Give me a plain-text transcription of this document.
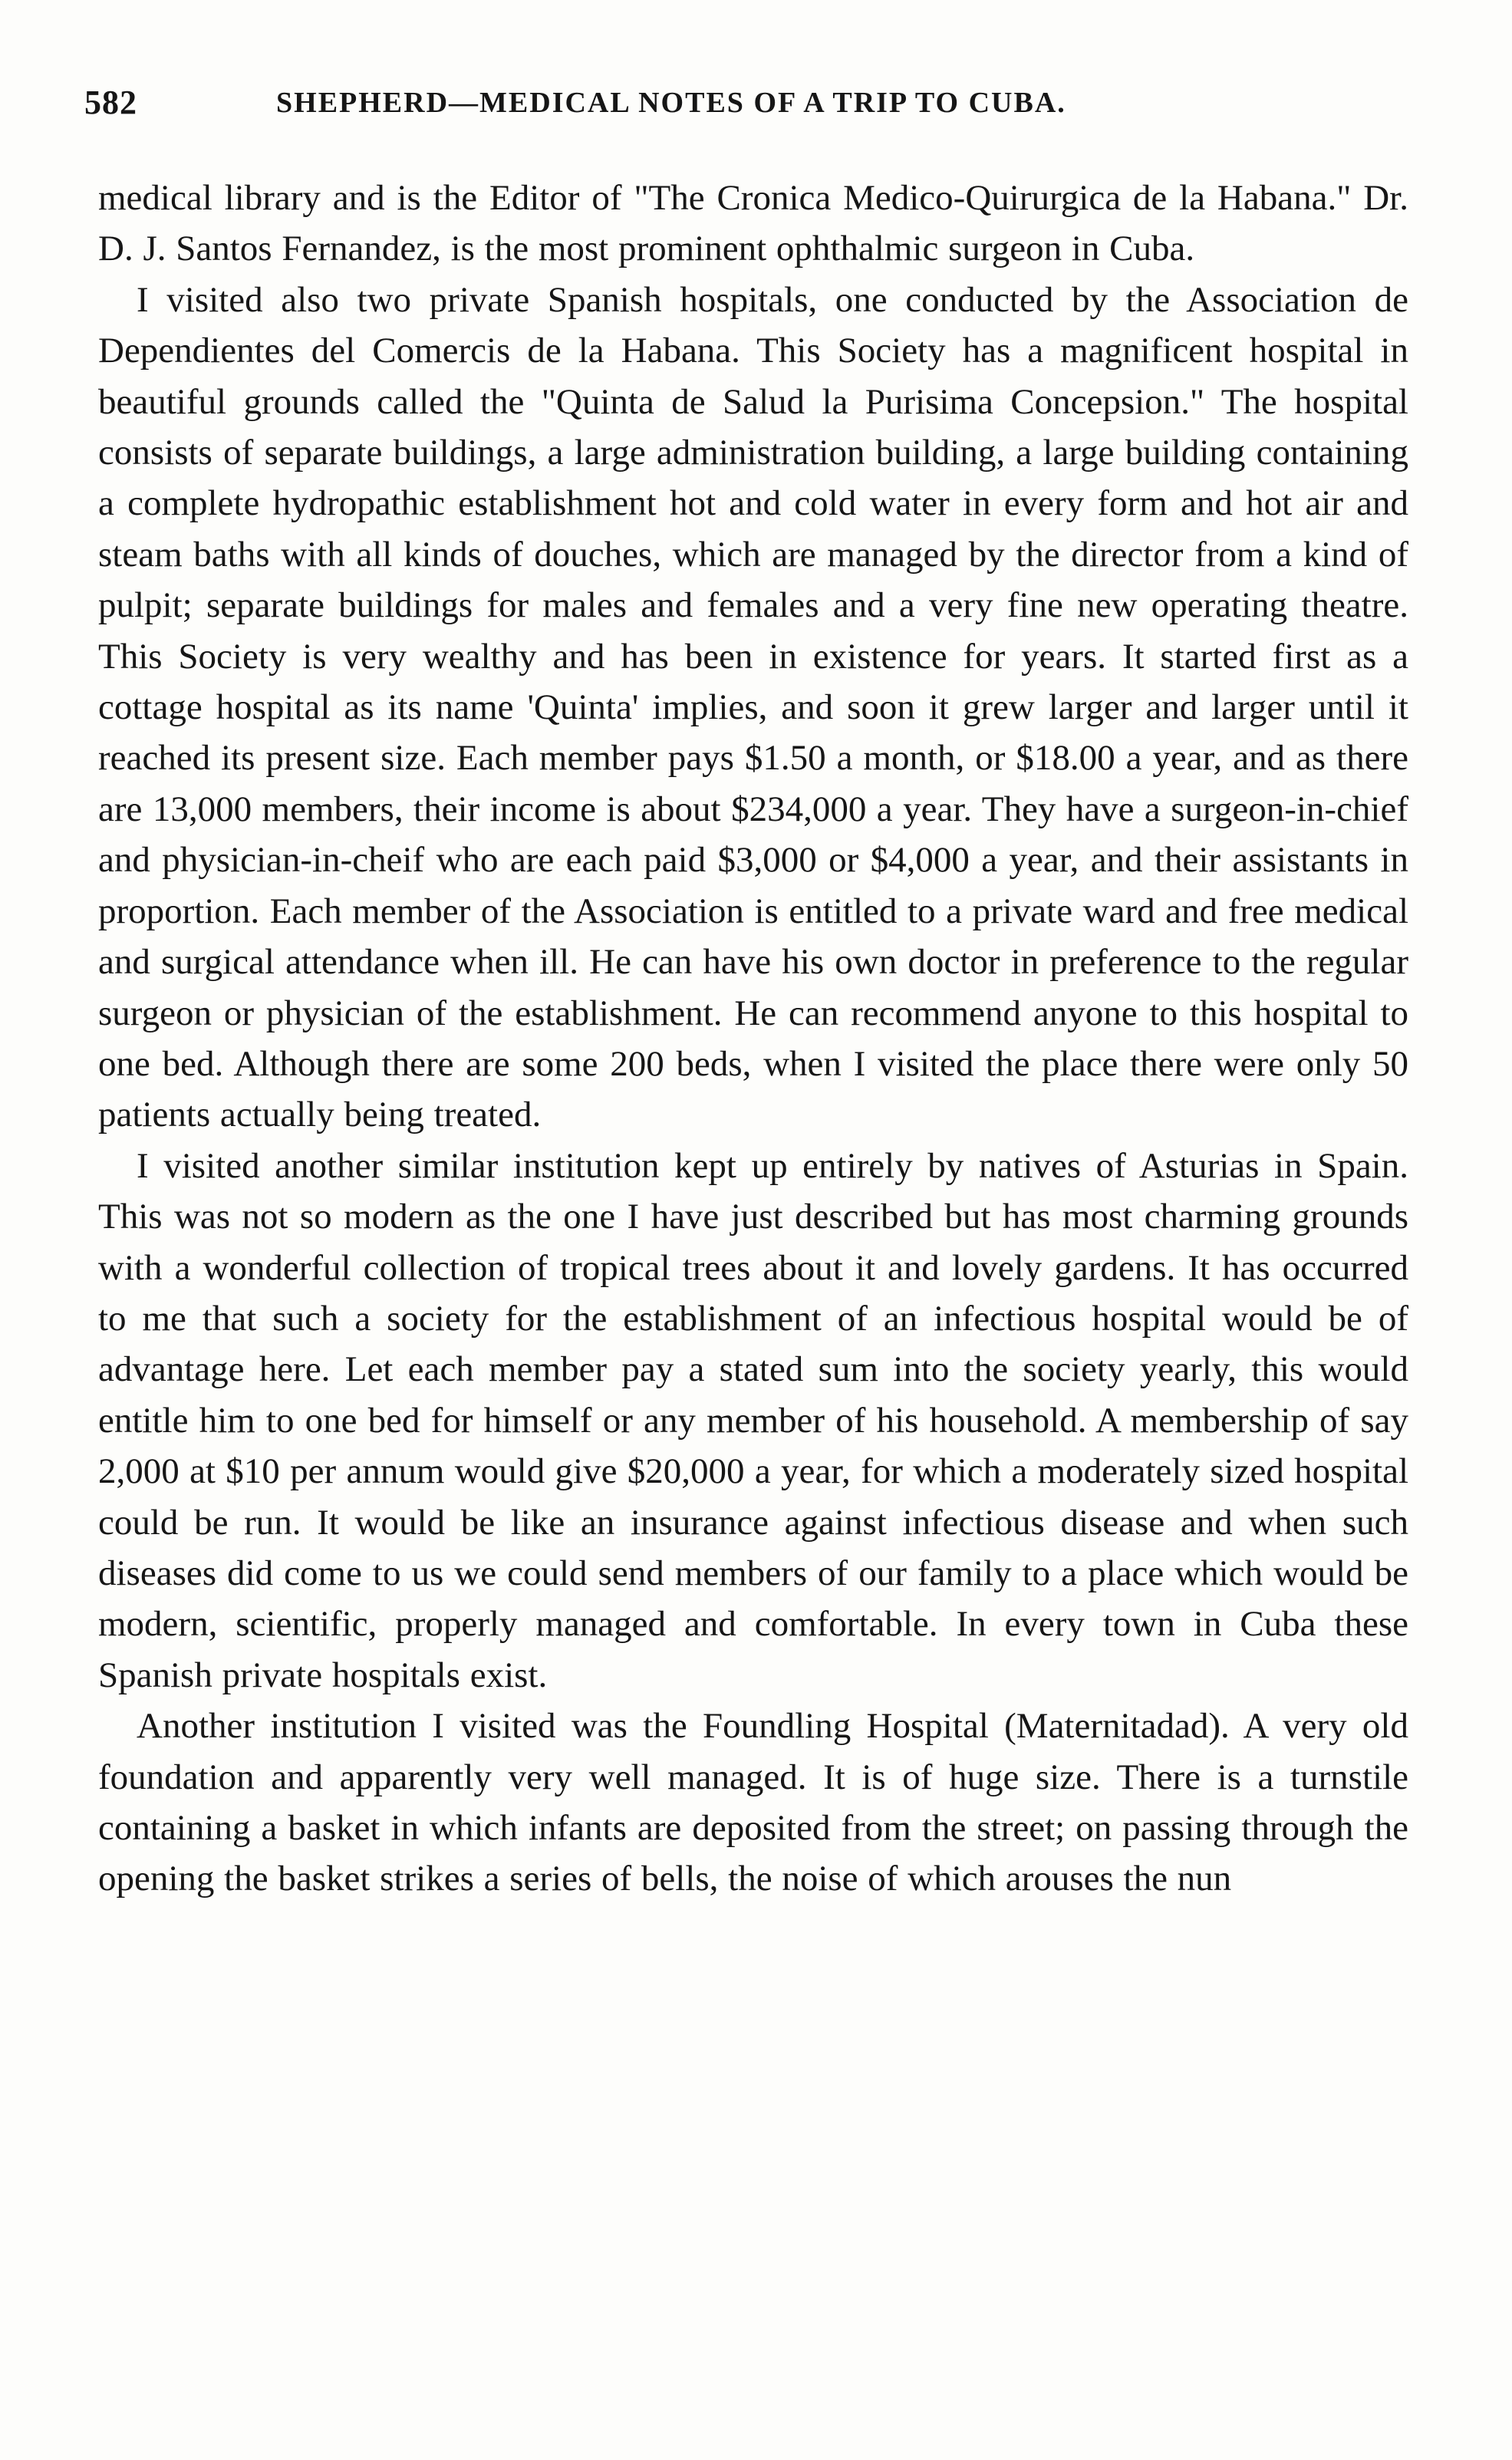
582	SHEPHERD—MEDICAL NOTES OF A TRIP TO CUBA.

medical library and is the Editor of "The Cronica Medico-Quirurgica de la Habana." Dr. D. J. Santos Fernandez, is the most prominent ophthalmic surgeon in Cuba.

I visited also two private Spanish hospitals, one conducted by the Association de Dependientes del Comercis de la Habana. This Society has a magnificent hospital in beautiful grounds called the "Quinta de Salud la Purisima Concepsion." The hospital consists of separate buildings, a large administration building, a large building containing a complete hydropathic establishment hot and cold water in every form and hot air and steam baths with all kinds of douches, which are managed by the director from a kind of pulpit; separate buildings for males and females and a very fine new operating theatre. This Society is very wealthy and has been in existence for years. It started first as a cottage hospital as its name 'Quinta' implies, and soon it grew larger and larger until it reached its present size. Each member pays $1.50 a month, or $18.00 a year, and as there are 13,000 members, their income is about $234,000 a year. They have a surgeon-in-chief and physician-in-cheif who are each paid $3,000 or $4,000 a year, and their assistants in proportion. Each member of the Association is entitled to a private ward and free medical and surgical attendance when ill. He can have his own doctor in preference to the regular surgeon or physician of the establishment. He can recommend anyone to this hospital to one bed. Although there are some 200 beds, when I visited the place there were only 50 patients actually being treated.

I visited another similar institution kept up entirely by natives of Asturias in Spain. This was not so modern as the one I have just described but has most charming grounds with a wonderful collection of tropical trees about it and lovely gardens. It has occurred to me that such a society for the establishment of an infectious hospital would be of advantage here. Let each member pay a stated sum into the society yearly, this would entitle him to one bed for himself or any member of his household. A membership of say 2,000 at $10 per annum would give $20,000 a year, for which a moderately sized hospital could be run. It would be like an insurance against infectious disease and when such diseases did come to us we could send members of our family to a place which would be modern, scientific, properly managed and comfortable. In every town in Cuba these Spanish private hospitals exist.

Another institution I visited was the Foundling Hospital (Maternitadad). A very old foundation and apparently very well managed. It is of huge size. There is a turnstile containing a basket in which infants are deposited from the street; on passing through the opening the basket strikes a series of bells, the noise of which arouses the nun
